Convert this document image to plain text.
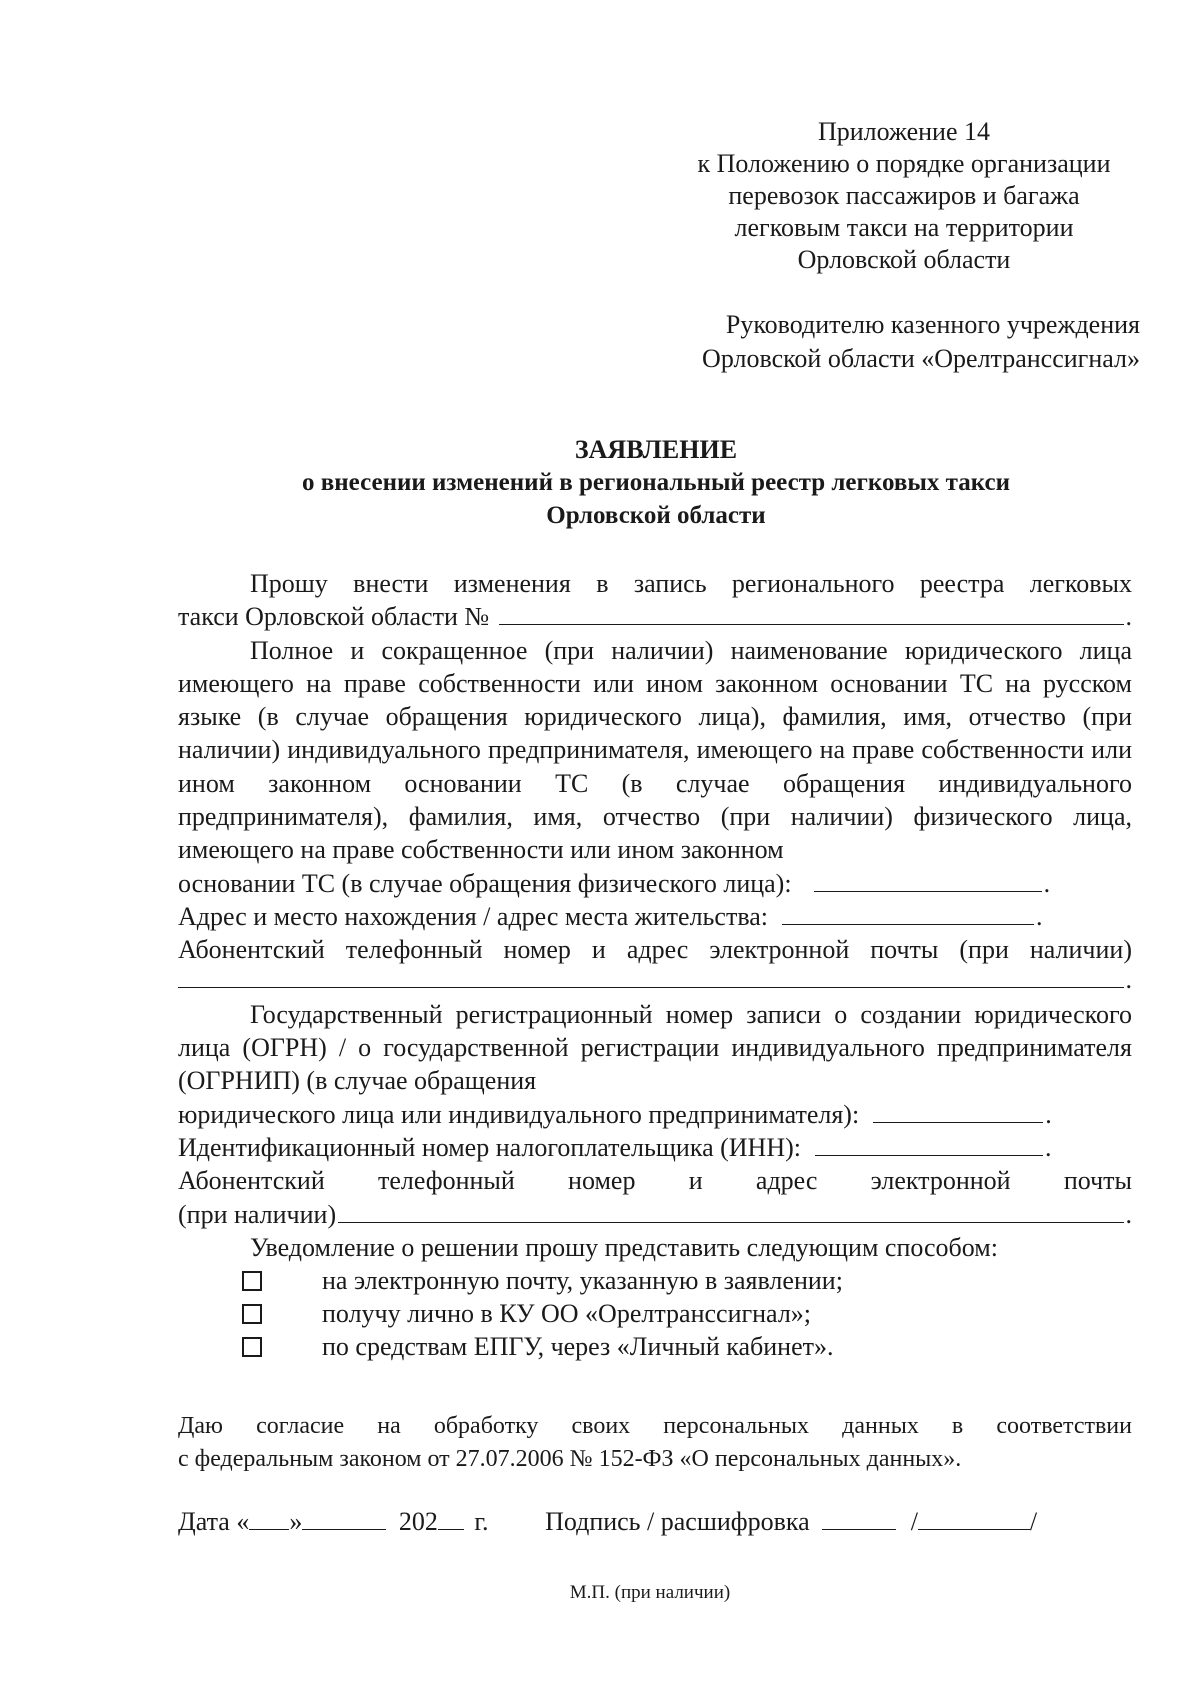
Приложение 14
к Положению о порядке организации
перевозок пассажиров и багажа
легковым такси на территории
Орловской области
Руководителю казенного учреждения
Орловской области «Орелтранссигнал»
ЗАЯВЛЕНИЕ
о внесении изменений в региональный реестр легковых такси
Орловской области

Прошу внести изменения в запись регионального реестра легковых

такси Орловской области №	.

Полное и сокращенное (при наличии) наименование юридического лица имеющего на праве собственности или ином законном основании ТС на русском языке (в случае обращения юридического лица), фамилия, имя, отчество (при наличии) индивидуального предпринимателя, имеющего на праве собственности или ином законном основании ТС (в случае обращения индивидуального предпринимателя), фамилия, имя, отчество (при наличии) физического лица, имеющего на праве собственности или ином законном

основании ТС (в случае обращения физического лица):	.
Адрес и место нахождения / адрес места жительства:	.

Абонентский телефонный номер и адрес электронной почты (при наличии)

.

Государственный регистрационный номер записи о создании юридического лица (ОГРН) / о государственной регистрации индивидуального предпринимателя (ОГРНИП) (в случае обращения

юридического лица или индивидуального предпринимателя):	.
Идентификационный номер налогоплательщика (ИНН):	.

Абонентский телефонный номер и адрес электронной почты

(при наличии)	.
Уведомление о решении прошу представить следующим способом:
на электронную почту, указанную в заявлении;
получу лично в КУ ОО «Орелтранссигнал»;
по средствам ЕПГУ, через «Личный кабинет».

Даю согласие на обработку своих персональных данных в соответствии

с федеральным законом от 27.07.2006 № 152-ФЗ «О персональных данных».

Дата « »	202 г. Подпись / расшифровка	/	/
М.П. (при наличии)
